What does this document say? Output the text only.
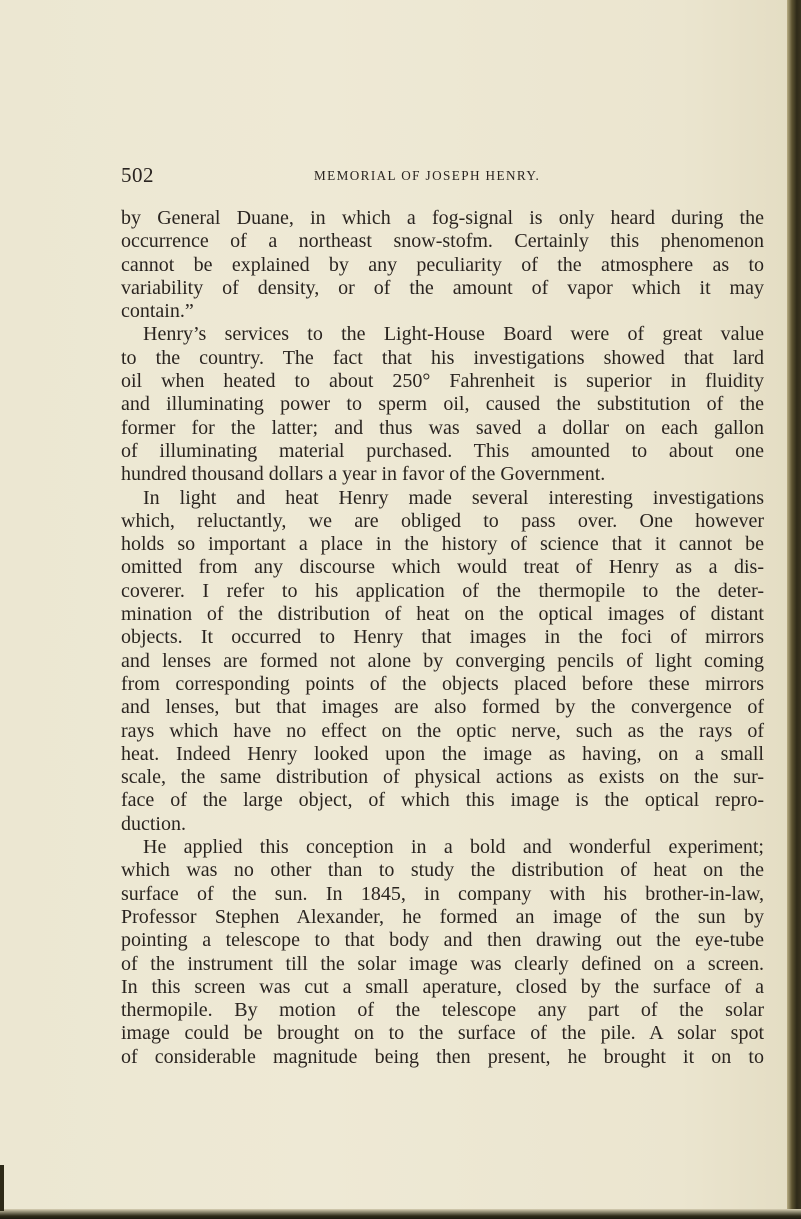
502	MEMORIAL OF JOSEPH HENRY.
by General Duane, in which a fog-signal is only heard during the
occurrence of a northeast snow-stofm. Certainly this phenomenon
cannot be explained by any peculiarity of the atmosphere as to
variability of density, or of the amount of vapor which it may
contain.”
Henry’s services to the Light-House Board were of great value
to the country. The fact that his investigations showed that lard
oil when heated to about 250° Fahrenheit is superior in fluidity
and illuminating power to sperm oil, caused the substitution of the
former for the latter; and thus was saved a dollar on each gallon
of illuminating material purchased. This amounted to about one
hundred thousand dollars a year in favor of the Government.
In light and heat Henry made several interesting investigations
which, reluctantly, we are obliged to pass over. One however
holds so important a place in the history of science that it cannot be
omitted from any discourse which would treat of Henry as a dis-
coverer. I refer to his application of the thermopile to the deter-
mination of the distribution of heat on the optical images of distant
objects. It occurred to Henry that images in the foci of mirrors
and lenses are formed not alone by converging pencils of light coming
from corresponding points of the objects placed before these mirrors
and lenses, but that images are also formed by the convergence of
rays which have no effect on the optic nerve, such as the rays of
heat. Indeed Henry looked upon the image as having, on a small
scale, the same distribution of physical actions as exists on the sur-
face of the large object, of which this image is the optical repro-
duction.
He applied this conception in a bold and wonderful experiment;
which was no other than to study the distribution of heat on the
surface of the sun. In 1845, in company with his brother-in-law,
Professor Stephen Alexander, he formed an image of the sun by
pointing a telescope to that body and then drawing out the eye-tube
of the instrument till the solar image was clearly defined on a screen.
In this screen was cut a small aperature, closed by the surface of a
thermopile. By motion of the telescope any part of the solar
image could be brought on to the surface of the pile. A solar spot
of considerable magnitude being then present, he brought it on to
